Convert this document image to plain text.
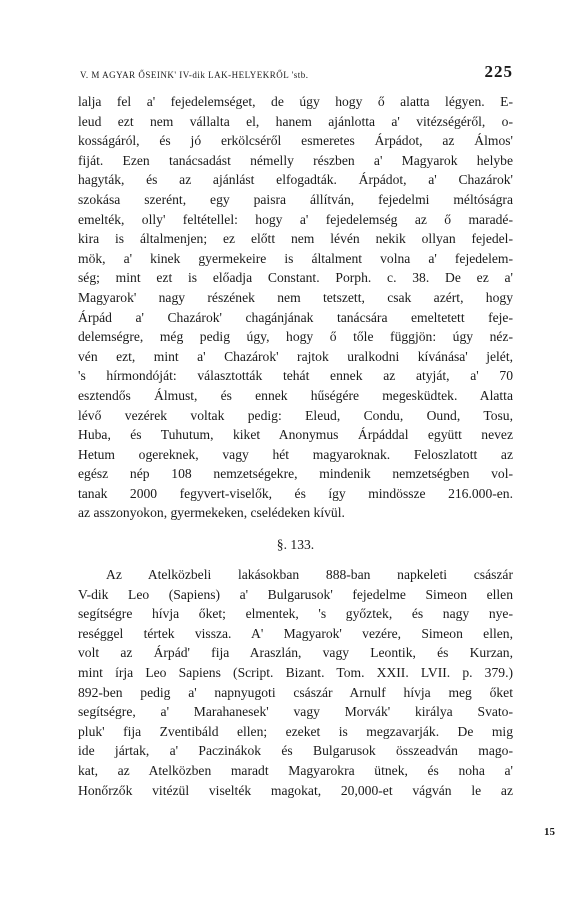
V. M AGYAR ŐSEINK' IV-dik LAK-HELYEKRŐL 'stb.	225
lalja fel a' fejedelemséget, de úgy hogy ő alatta légyen. E-
leud ezt nem vállalta el, hanem ajánlotta a' vitézségéről, o-
kosságáról, és jó erkölcséről esmeretes Árpádot, az Álmos'
fiját. Ezen tanácsadást némelly részben a' Magyarok helybe
hagyták, és az ajánlást elfogadták. Árpádot, a' Chazárok'
szokása szerént, egy paisra állítván, fejedelmi méltóságra
emelték, olly' feltétellel: hogy a' fejedelemség az ő maradé-
kira is általmenjen; ez előtt nem lévén nekik ollyan fejedel-
mök, a' kinek gyermekeire is általment volna a' fejedelem-
ség; mint ezt is előadja Constant. Porph. c. 38. De ez a'
Magyarok' nagy részének nem tetszett, csak azért, hogy
Árpád a' Chazárok' chagánjának tanácsára emeltetett feje-
delemségre, még pedig úgy, hogy ő tőle függjön: úgy néz-
vén ezt, mint a' Chazárok' rajtok uralkodni kívánása' jelét,
's hírmondóját: választották tehát ennek az atyját, a' 70
esztendős Álmust, és ennek hűségére megesküdtek. Alatta
lévő vezérek voltak pedig: Eleud, Condu, Ound, Tosu,
Huba, és Tuhutum, kiket Anonymus Árpáddal együtt nevez
Hetum ogereknek, vagy hét magyaroknak. Feloszlatott az
egész nép 108 nemzetségekre, mindenik nemzetségben vol-
tanak 2000 fegyvert-viselők, és így mindössze 216.000-en.
az asszonyokon, gyermekeken, cselédeken kívül.
§. 133.
Az Atelközbeli lakásokban 888-ban napkeleti császár
V-dik Leo (Sapiens) a' Bulgarusok' fejedelme Simeon ellen
segítségre hívja őket; elmentek, 's győztek, és nagy nye-
reséggel tértek vissza. A' Magyarok' vezére, Simeon ellen,
volt az Árpád' fija Araszlán, vagy Leontik, és Kurzan,
mint írja Leo Sapiens (Script. Bizant. Tom. XXII. LVII. p. 379.)
892-ben pedig a' napnyugoti császár Arnulf hívja meg őket
segítségre, a' Marahanesek' vagy Morvák' királya Svato-
pluk' fija Zventibáld ellen; ezeket is megzavarják. De mig
ide jártak, a' Paczinákok és Bulgarusok összeadván mago-
kat, az Atelközben maradt Magyarokra ütnek, és noha a'
Honőrzők vitézül viselték magokat, 20,000-et vágván le az
15
